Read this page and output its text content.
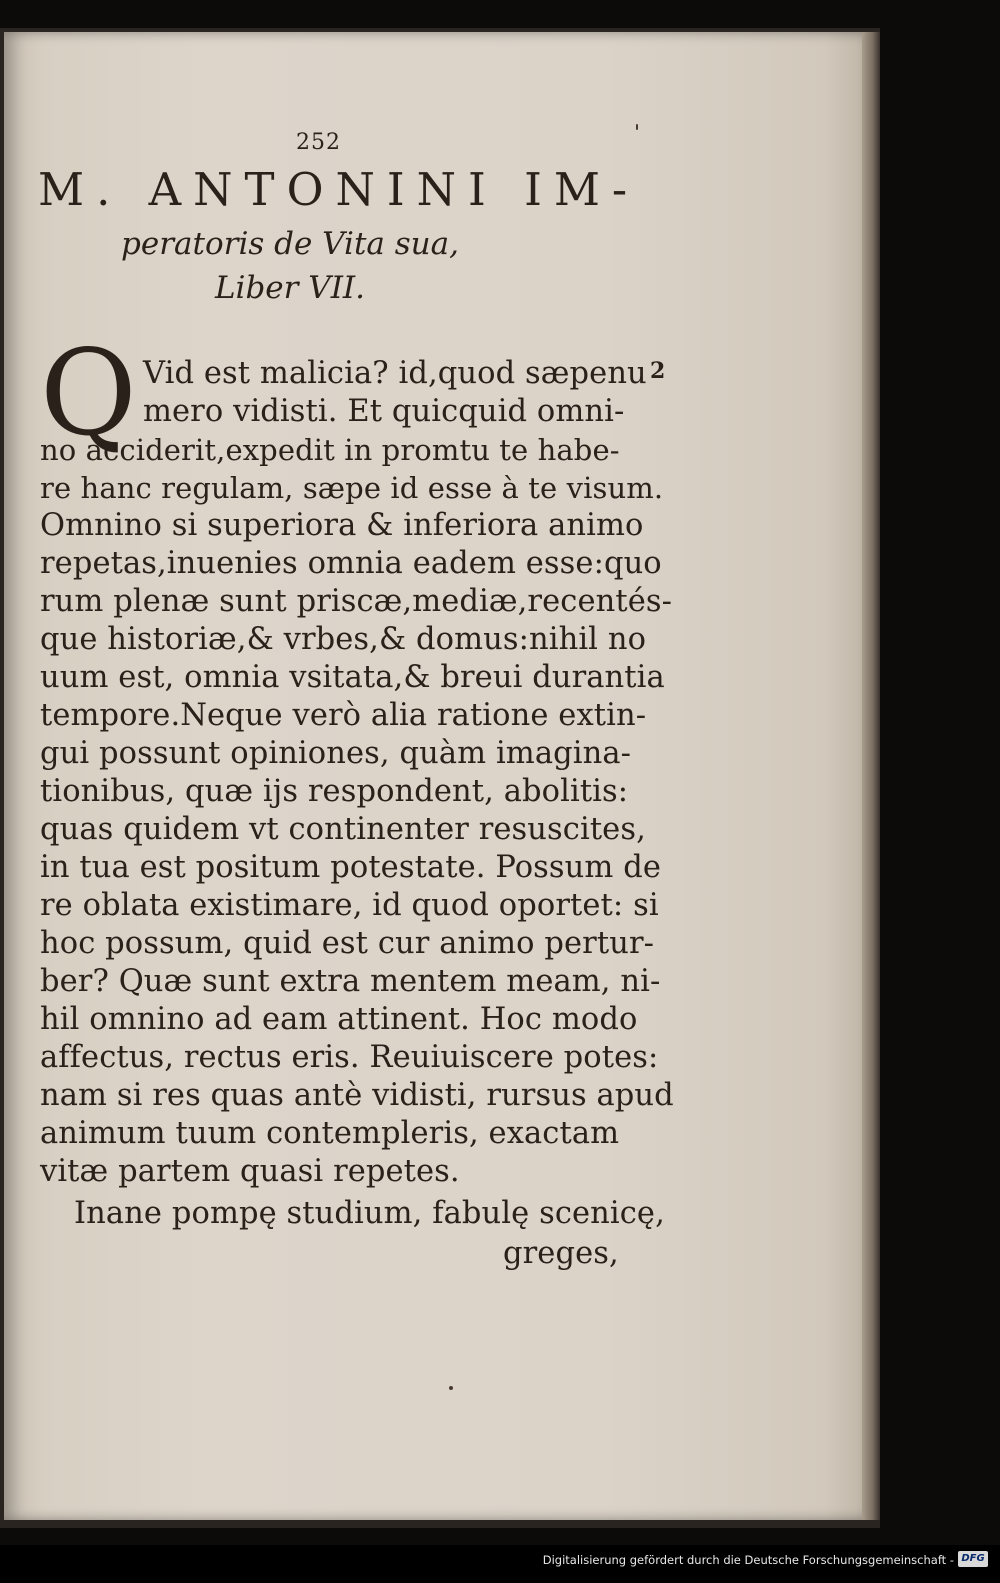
252
M. ANTONINI IM-
peratoris de Vita sua,
Liber VII.
Q	2
Vid est malicia? id,quod sæpenu
mero vidisti. Et quicquid omni-
no acciderit,expedit in promtu te habe-
re hanc regulam, sæpe id esse à te visum.
Omnino si superiora & inferiora animo
repetas,inuenies omnia eadem esse:quo
rum plenæ sunt priscæ,mediæ,recentés-
que historiæ,& vrbes,& domus:nihil no
uum est, omnia vsitata,& breui durantia
tempore.Neque verò alia ratione extin-
gui possunt opiniones, quàm imagina-
tionibus, quæ ijs respondent, abolitis:
quas quidem vt continenter resuscites,
in tua est positum potestate. Possum de
re oblata existimare, id quod oportet: si
hoc possum, quid est cur animo pertur-
ber? Quæ sunt extra mentem meam, ni-
hil omnino ad eam attinent. Hoc modo
affectus, rectus eris. Reuiuiscere potes:
nam si res quas antè vidisti, rursus apud
animum tuum contempleris, exactam
vitæ partem quasi repetes.
Inane pompę studium, fabulę scenicę,
greges,
Digitalisierung gefördert durch die Deutsche Forschungsgemeinschaft - DFG
